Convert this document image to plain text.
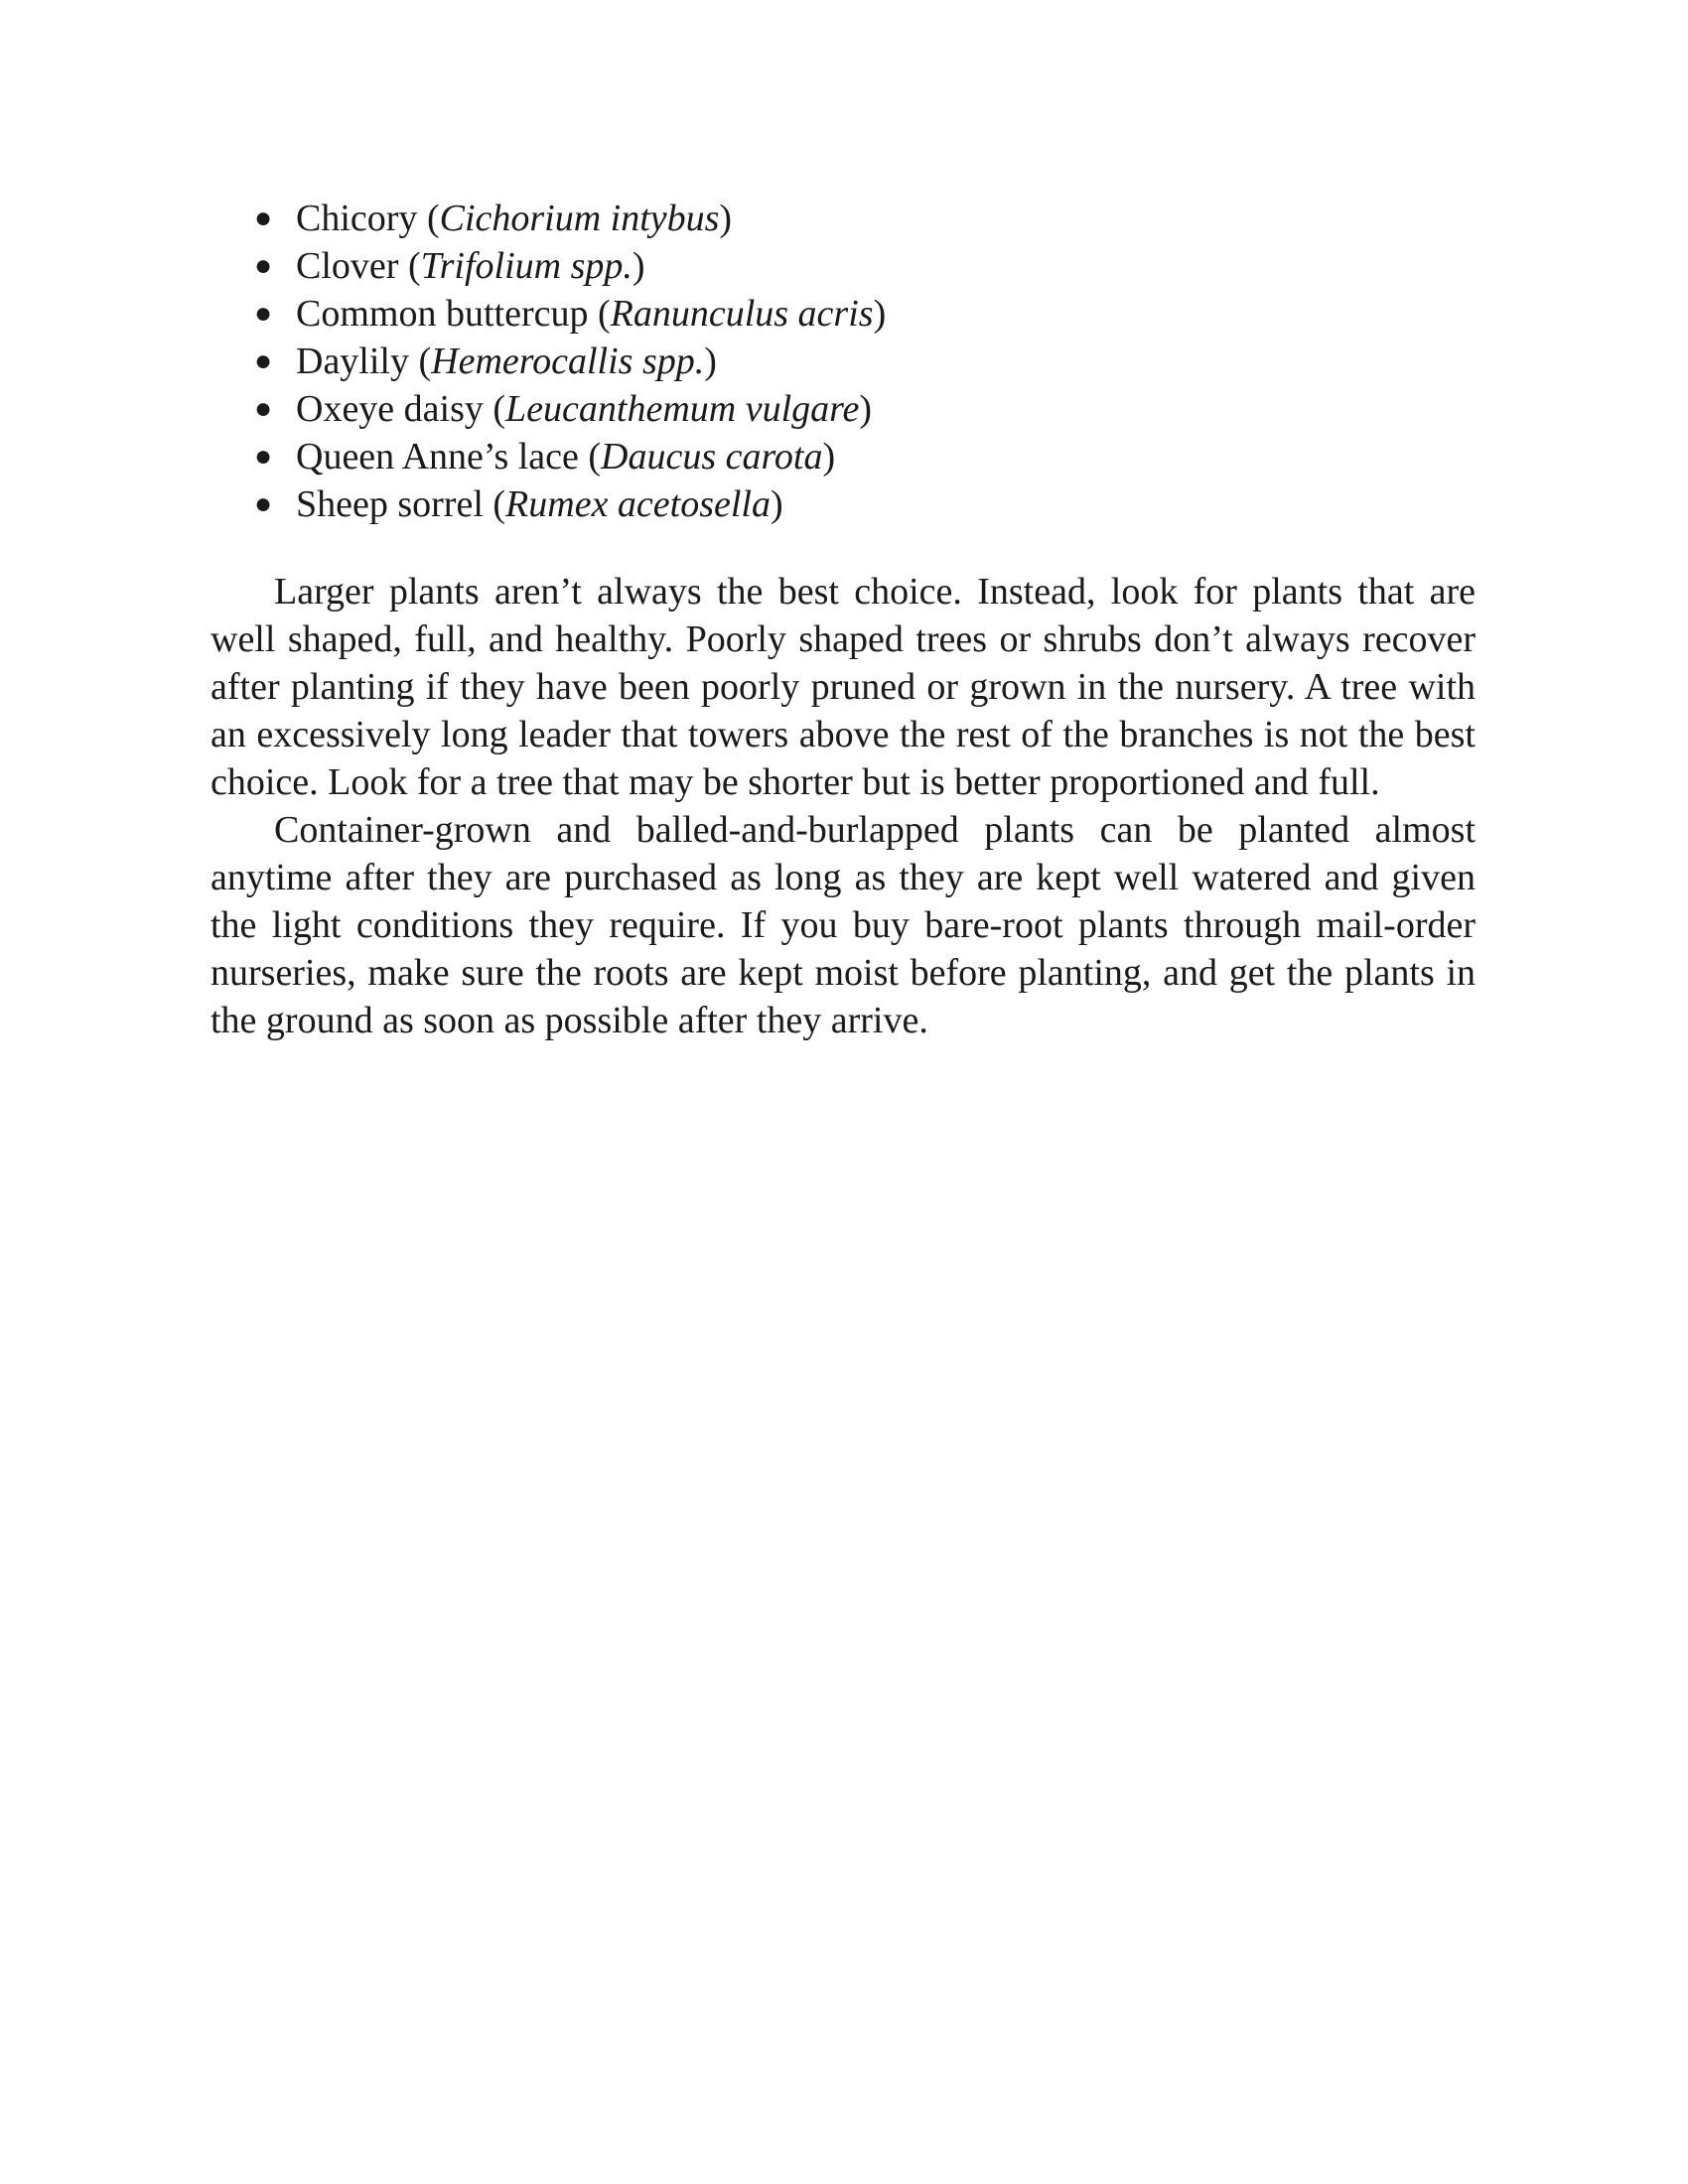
● Chicory (Cichorium intybus)
● Clover (Trifolium spp.)
● Common buttercup (Ranunculus acris)
● Daylily (Hemerocallis spp.)
● Oxeye daisy (Leucanthemum vulgare)
● Queen Anne’s lace (Daucus carota)
● Sheep sorrel (Rumex acetosella)

Larger plants aren’t always the best choice. Instead, look for plants that are well shaped, full, and healthy. Poorly shaped trees or shrubs don’t always recover after planting if they have been poorly pruned or grown in the nursery. A tree with an excessively long leader that towers above the rest of the branches is not the best choice. Look for a tree that may be shorter but is better proportioned and full.

Container-grown and balled-and-burlapped plants can be planted almost anytime after they are purchased as long as they are kept well watered and given the light conditions they require. If you buy bare-root plants through mail-order nurseries, make sure the roots are kept moist before planting, and get the plants in the ground as soon as possible after they arrive.
